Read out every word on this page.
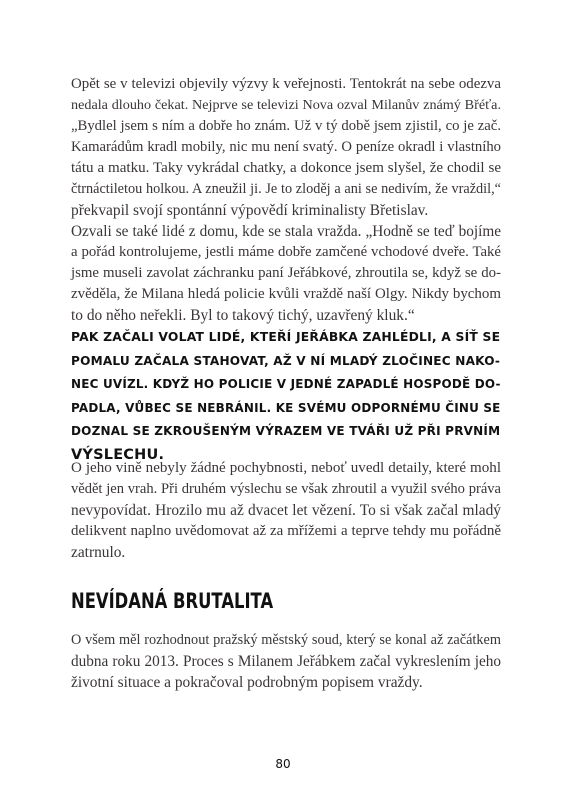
Opět se v televizi objevily výzvy k veřejnosti. Tentokrát na sebe odezva
nedala dlouho čekat. Nejprve se televizi Nova ozval Milanův známý Břéťa.
„Bydlel jsem s ním a dobře ho znám. Už v tý době jsem zjistil, co je zač.
Kamarádům kradl mobily, nic mu není svatý. O peníze okradl i vlastního
tátu a matku. Taky vykrádal chatky, a dokonce jsem slyšel, že chodil se
čtrnáctiletou holkou. A zneužil ji. Je to zloděj a ani se nedivím, že vraždil,“
překvapil svojí spontánní výpovědí kriminalisty Břetislav.
Ozvali se také lidé z domu, kde se stala vražda. „Hodně se teď bojíme
a pořád kontrolujeme, jestli máme dobře zamčené vchodové dveře. Také
jsme museli zavolat záchranku paní Jeřábkové, zhroutila se, když se do-
zvěděla, že Milana hledá policie kvůli vraždě naší Olgy. Nikdy bychom
to do něho neřekli. Byl to takový tichý, uzavřený kluk.“
PAK ZAČALI VOLAT LIDÉ, KTEŘÍ JEŘÁBKA ZAHLÉDLI, A SÍŤ SE
POMALU ZAČALA STAHOVAT, AŽ V NÍ MLADÝ ZLOČINEC NAKO-
NEC UVÍZL. KDYŽ HO POLICIE V JEDNÉ ZAPADLÉ HOSPODĚ DO-
PADLA, VŮBEC SE NEBRÁNIL. KE SVÉMU ODPORNÉMU ČINU SE
DOZNAL SE ZKROUŠENÝM VÝRAZEM VE TVÁŘI UŽ PŘI PRVNÍM
VÝSLECHU.
O jeho vině nebyly žádné pochybnosti, neboť uvedl detaily, které mohl
vědět jen vrah. Při druhém výslechu se však zhroutil a využil svého práva
nevypovídat. Hrozilo mu až dvacet let vězení. To si však začal mladý
delikvent naplno uvědomovat až za mřížemi a teprve tehdy mu pořádně
zatrnulo.
NEVÍDANÁ BRUTALITA
O všem měl rozhodnout pražský městský soud, který se konal až začátkem
dubna roku 2013. Proces s Milanem Jeřábkem začal vykreslením jeho
životní situace a pokračoval podrobným popisem vraždy.
80
